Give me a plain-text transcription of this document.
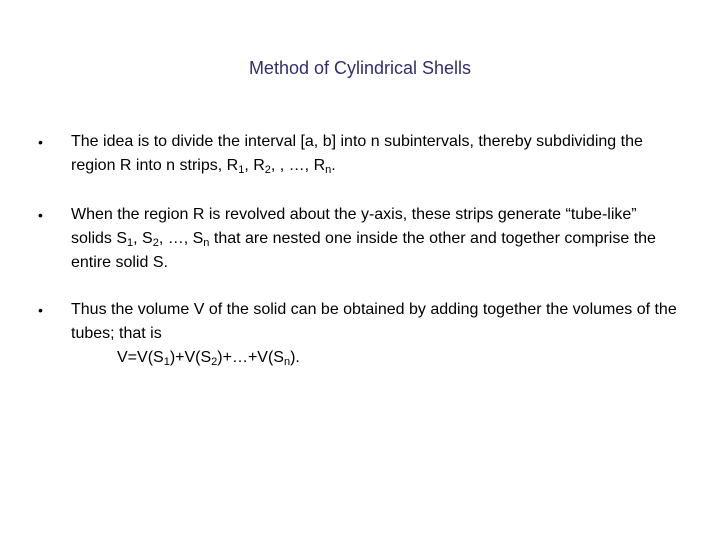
Method of Cylindrical Shells
•	The idea is to divide the interval [a, b] into n subintervals, thereby subdividing the region R into n strips, $R_1$, $R_2$, , …, $R_n$.
•	When the region R is revolved about the y-axis, these strips generate “tube-like” solids $S_1$, $S_2$, …, $S_n$ that are nested one inside the other and together comprise the entire solid S.
•	Thus the volume V of the solid can be obtained by adding together the volumes of the tubes; that is
$V=V(S_1)+V(S_2)+\dots+V(S_n)$.
